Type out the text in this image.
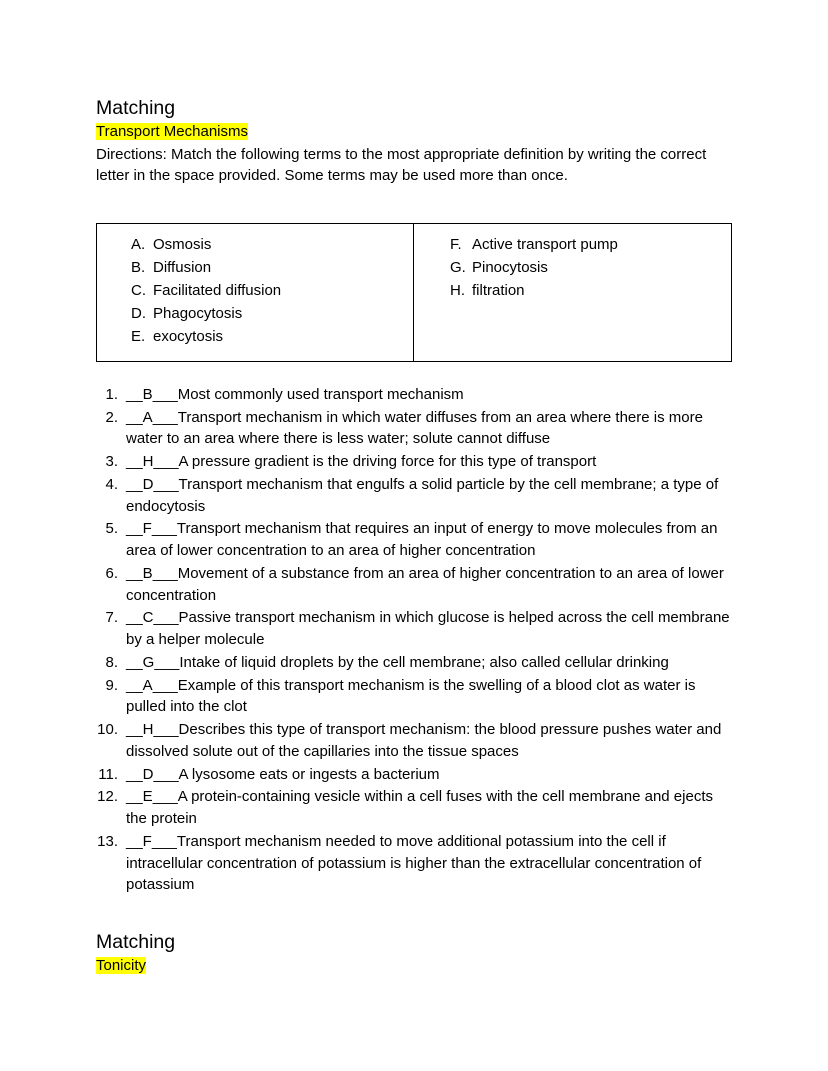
Matching

Transport Mechanisms

Directions: Match the following terms to the most appropriate definition by writing the correct letter in the space provided. Some terms may be used more than once.

A. Osmosis
B. Diffusion
C. Facilitated diffusion
D. Phagocytosis
E. exocytosis
F. Active transport pump
G. Pinocytosis
H. filtration
1. __B___Most commonly used transport mechanism
2. __A___Transport mechanism in which water diffuses from an area where there is more water to an area where there is less water; solute cannot diffuse
3. __H___A pressure gradient is the driving force for this type of transport
4. __D___Transport mechanism that engulfs a solid particle by the cell membrane; a type of endocytosis
5. __F___Transport mechanism that requires an input of energy to move molecules from an area of lower concentration to an area of higher concentration
6. __B___Movement of a substance from an area of higher concentration to an area of lower concentration
7. __C___Passive transport mechanism in which glucose is helped across the cell membrane by a helper molecule
8. __G___Intake of liquid droplets by the cell membrane; also called cellular drinking
9. __A___Example of this transport mechanism is the swelling of a blood clot as water is pulled into the clot
10. __H___Describes this type of transport mechanism: the blood pressure pushes water and dissolved solute out of the capillaries into the tissue spaces
11. __D___A lysosome eats or ingests a bacterium
12. __E___A protein-containing vesicle within a cell fuses with the cell membrane and ejects the protein
13. __F___Transport mechanism needed to move additional potassium into the cell if intracellular concentration of potassium is higher than the extracellular concentration of potassium
Matching

Tonicity
